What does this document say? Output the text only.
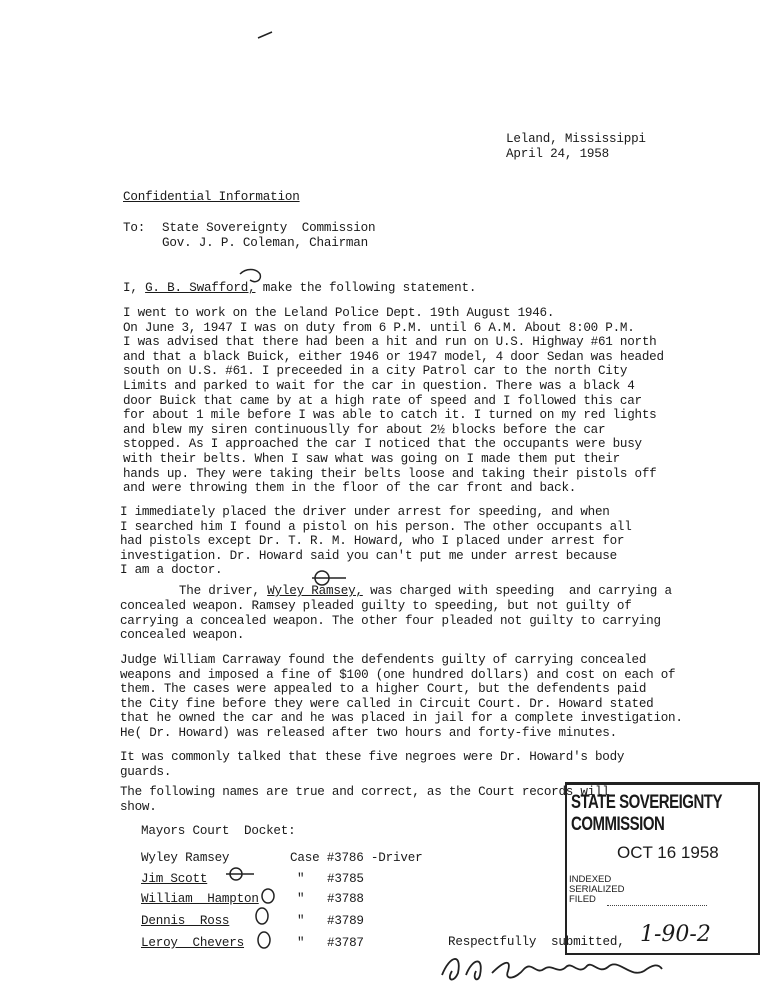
Leland, Mississippi
April 24, 1958
Confidential Information
To: State Sovereignty  Commission
Gov. J. P. Coleman, Chairman
I, G. B. Swafford, make the following statement.
I went to work on the Leland Police Dept. 19th August 1946.
On June 3, 1947 I was on duty from 6 P.M. until 6 A.M. About 8:00 P.M.
I was advised that there had been a hit and run on U.S. Highway #61 north
and that a black Buick, either 1946 or 1947 model, 4 door Sedan was headed
south on U.S. #61. I preceeded in a city Patrol car to the north City
Limits and parked to wait for the car in question. There was a black 4
door Buick that came by at a high rate of speed and I followed this car
for about 1 mile before I was able to catch it. I turned on my red lights
and blew my siren continuouslly for about 2½ blocks before the car
stopped. As I approached the car I noticed that the occupants were busy
with their belts. When I saw what was going on I made them put their
hands up. They were taking their belts loose and taking their pistols off
and were throwing them in the floor of the car front and back.
I immediately placed the driver under arrest for speeding, and when
I searched him I found a pistol on his person. The other occupants all
had pistols except Dr. T. R. M. Howard, who I placed under arrest for
investigation. Dr. Howard said you can't put me under arrest because
I am a doctor.
The driver, Wyley Ramsey, was charged with speeding  and carrying a
concealed weapon. Ramsey pleaded guilty to speeding, but not guilty of
carrying a concealed weapon. The other four pleaded not guilty to carrying
concealed weapon.
Judge William Carraway found the defendents guilty of carrying concealed
weapons and imposed a fine of $100 (one hundred dollars) and cost on each of
them. The cases were appealed to a higher Court, but the defendents paid
the City fine before they were called in Circuit Court. Dr. Howard stated
that he owned the car and he was placed in jail for a complete investigation.
He( Dr. Howard) was released after two hours and forty-five minutes.
It was commonly talked that these five negroes were Dr. Howard's body
guards.
The following names are true and correct, as the Court records will
show.
Mayors Court  Docket:
Wyley Ramsey	Case #3786 -Driver
Jim Scott	" #3785
William  Hampton	" #3788
Dennis  Ross	" #3789
Leroy  Chevers	" #3787	Respectfully  submitted,
STATE SOVEREIGNTY COMMISSION
OCT 16 1958
INDEXED
SERIALIZED
FILED
1-90-2
